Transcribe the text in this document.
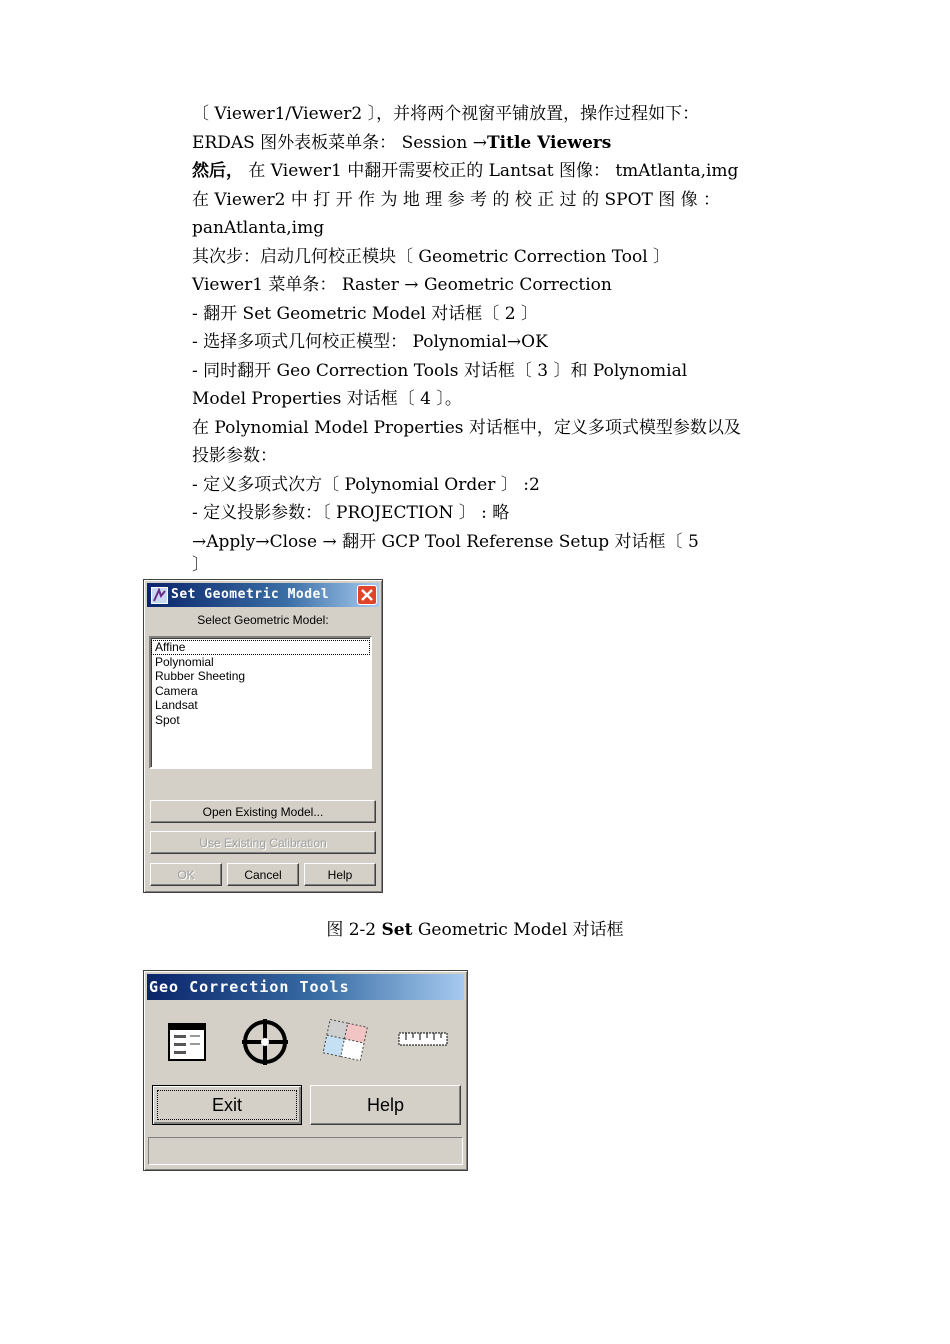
〔 Viewer1/Viewer2 〕，并将两个视窗平铺放置，操作过程如下：

ERDAS 图外表板菜单条： Session →Title Viewers

然后， 在 Viewer1 中翻开需要校正的 Lantsat 图像： tmAtlanta,img

在 Viewer2 中 打 开 作 为 地 理 参 考 的 校 正 过 的 SPOT 图 像 ：

panAtlanta,img

其次步：启动几何校正模块〔 Geometric Correction Tool 〕

Viewer1 菜单条： Raster → Geometric Correction

- 翻开 Set Geometric Model 对话框〔 2 〕

- 选择多项式几何校正模型： Polynomial→OK

- 同时翻开 Geo Correction Tools 对话框〔 3 〕和 Polynomial

Model Properties 对话框〔 4 〕。

在 Polynomial Model Properties 对话框中，定义多项式模型参数以及

投影参数：

- 定义多项式次方〔 Polynomial Order 〕 :2

- 定义投影参数：〔 PROJECTION 〕 : 略

→Apply→Close → 翻开 GCP Tool Referense Setup 对话框〔 5

〕

Set Geometric Model
Select Geometric Model:
Affine
Polynomial
Rubber Sheeting
Camera
Landsat
Spot
Open Existing Model...
Use Existing Calibration
OK	Cancel	Help
图 2-2 Set Geometric Model 对话框
Geo Correction Tools
Exit	Help
